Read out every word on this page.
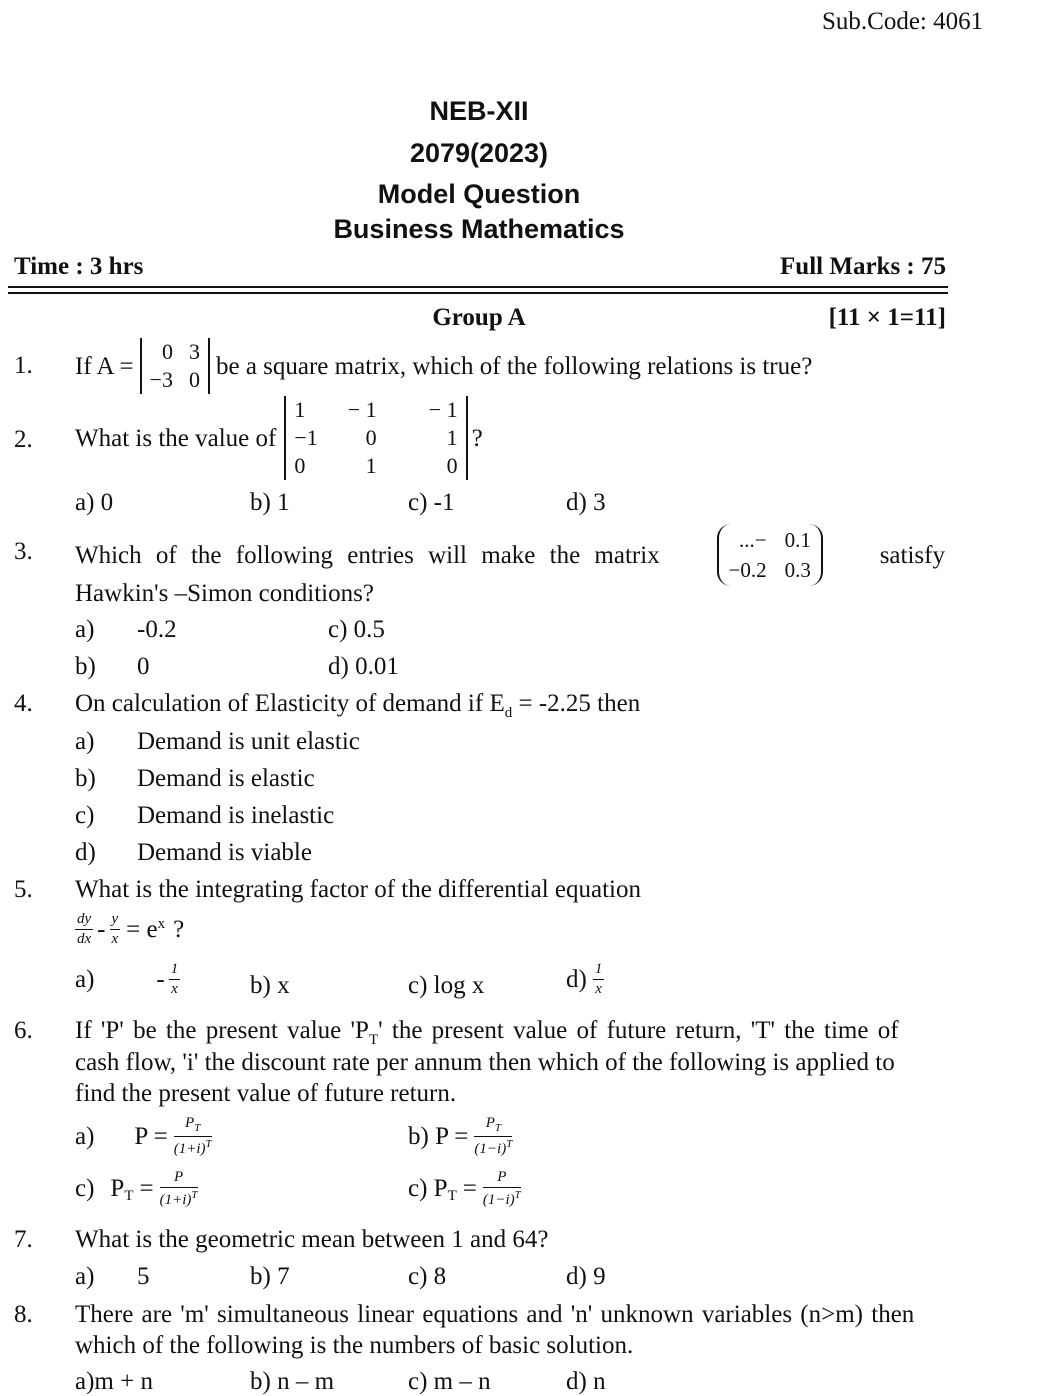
Sub.Code: 4061
NEB-XII
2079(2023)
Model Question
Business Mathematics
Time : 3 hrs	Full Marks : 75
Group A	[11 × 1=11]
1. If A =
0	3
−3	0 be a square matrix, which of the following relations is true?
2. What is the value of
1	− 1	− 1
−1	0	1
0	1	0
?
a) 0	b) 1	c) -1	d) 3
3. Which of the following entries will make the matrix
...−	0.1
−0.2	0.3
satisfy
Hawkin's –Simon conditions?
a) -0.2
b) 0
c) 0.5
d) 0.01
4. On calculation of Elasticity of demand if $E_d = -2.25$ then
a) Demand is unit elastic
b) Demand is elastic
c) Demand is inelastic
d) Demand is viable
5. What is the integrating factor of the differential equation
$\frac{dy}{dx} - \frac{y}{x} = e^x$ ?
$a) - \frac{1}{x}$	b) x	c) log x	$d) \frac{1}{x}$
6. If 'P' be the present value '$P_T$' the present value of future return, 'T' the time of
cash flow, 'i' the discount rate per annum then which of the following is applied to
find the present value of future return.
a) $P = \frac{P_T}{(1+i)^T}$	b) $P = \frac{P_T}{(1-i)^T}$
c) $P_T = \frac{P}{(1+i)^T}$	c) $P_T = \frac{P}{(1-i)^T}$
7. What is the geometric mean between 1 and 64?
a) 5	b) 7	c) 8	d) 9
8. There are 'm' simultaneous linear equations and 'n' unknown variables (n>m) then
which of the following is the numbers of basic solution.
a)m + n	b) n – m	c) m – n	d) n
